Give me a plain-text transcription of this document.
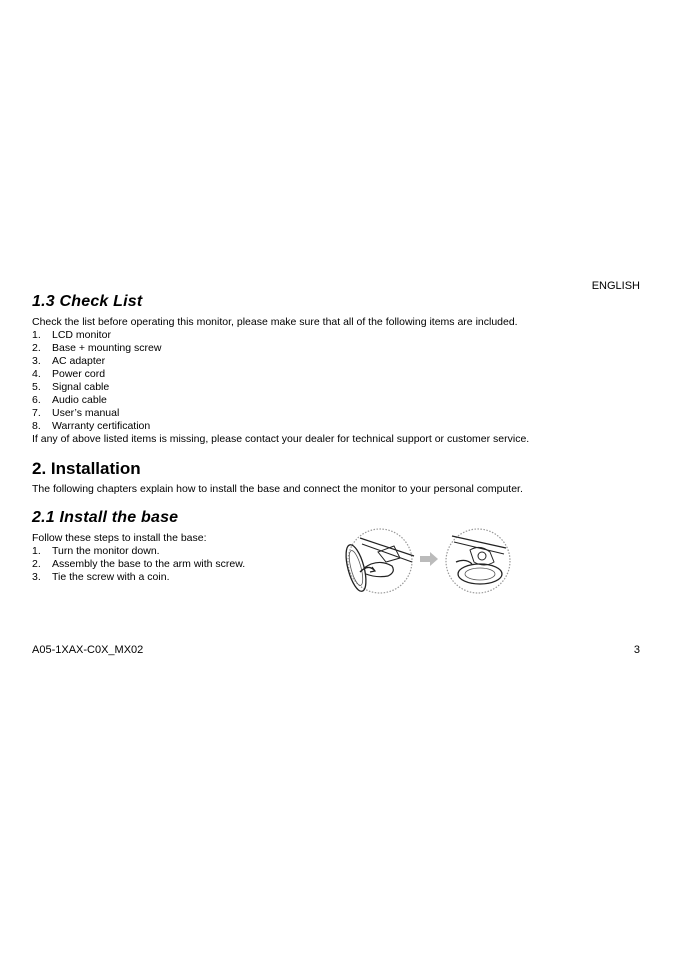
ENGLISH
1.3 Check List

Check the list before operating this monitor, please make sure that all of the following items are included.

1.	LCD monitor
2.	Base + mounting screw
3.	AC adapter
4.	Power cord
5.	Signal cable
6.	Audio cable
7.	User’s manual
8.	Warranty certification

If any of above listed items is missing, please contact your dealer for technical support or customer service.

2. Installation

The following chapters explain how to install the base and connect the monitor to your personal computer.

2.1 Install the base

Follow these steps to install the base:

1.	Turn the monitor down.
2.	Assembly the base to the arm with screw.
3.	Tie the screw with a coin.
A05-1XAX-C0X_MX02	3
